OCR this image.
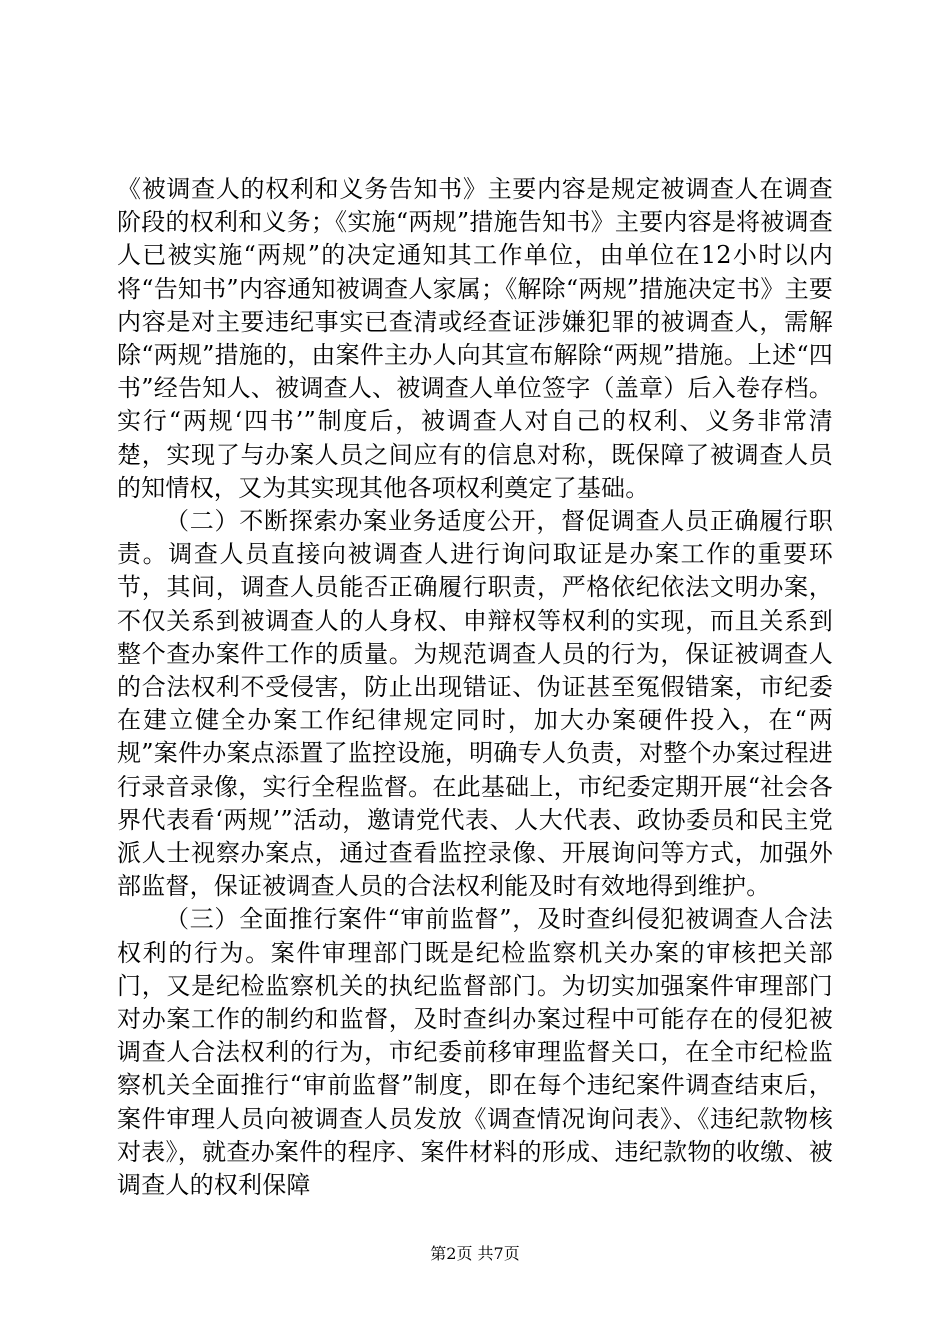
《被调查人的权利和义务告知书》主要内容是规定被调查人在调查阶段的权利和义务；《实施“两规”措施告知书》主要内容是将被调查人已被实施“两规”的决定通知其工作单位，由单位在12小时以内将“告知书”内容通知被调查人家属；《解除“两规”措施决定书》主要内容是对主要违纪事实已查清或经查证涉嫌犯罪的被调查人，需解除“两规”措施的，由案件主办人向其宣布解除“两规”措施。上述“四书”经告知人、被调查人、被调查人单位签字（盖章）后入卷存档。实行“两规‘四书’”制度后，被调查人对自己的权利、义务非常清楚，实现了与办案人员之间应有的信息对称，既保障了被调查人员的知情权，又为其实现其他各项权利奠定了基础。

（二）不断探索办案业务适度公开，督促调查人员正确履行职责。调查人员直接向被调查人进行询问取证是办案工作的重要环节，其间，调查人员能否正确履行职责，严格依纪依法文明办案，不仅关系到被调查人的人身权、申辩权等权利的实现，而且关系到整个查办案件工作的质量。为规范调查人员的行为，保证被调查人的合法权利不受侵害，防止出现错证、伪证甚至冤假错案，市纪委在建立健全办案工作纪律规定同时，加大办案硬件投入，在“两规”案件办案点添置了监控设施，明确专人负责，对整个办案过程进行录音录像，实行全程监督。在此基础上，市纪委定期开展“社会各界代表看‘两规’”活动，邀请党代表、人大代表、政协委员和民主党派人士视察办案点，通过查看监控录像、开展询问等方式，加强外部监督，保证被调查人员的合法权利能及时有效地得到维护。

（三）全面推行案件“审前监督”，及时查纠侵犯被调查人合法权利的行为。案件审理部门既是纪检监察机关办案的审核把关部门，又是纪检监察机关的执纪监督部门。为切实加强案件审理部门对办案工作的制约和监督，及时查纠办案过程中可能存在的侵犯被调查人合法权利的行为，市纪委前移审理监督关口，在全市纪检监察机关全面推行“审前监督”制度，即在每个违纪案件调查结束后，案件审理人员向被调查人员发放《调查情况询问表》、《违纪款物核对表》，就查办案件的程序、案件材料的形成、违纪款物的收缴、被调查人的权利保障

第2页 共7页
